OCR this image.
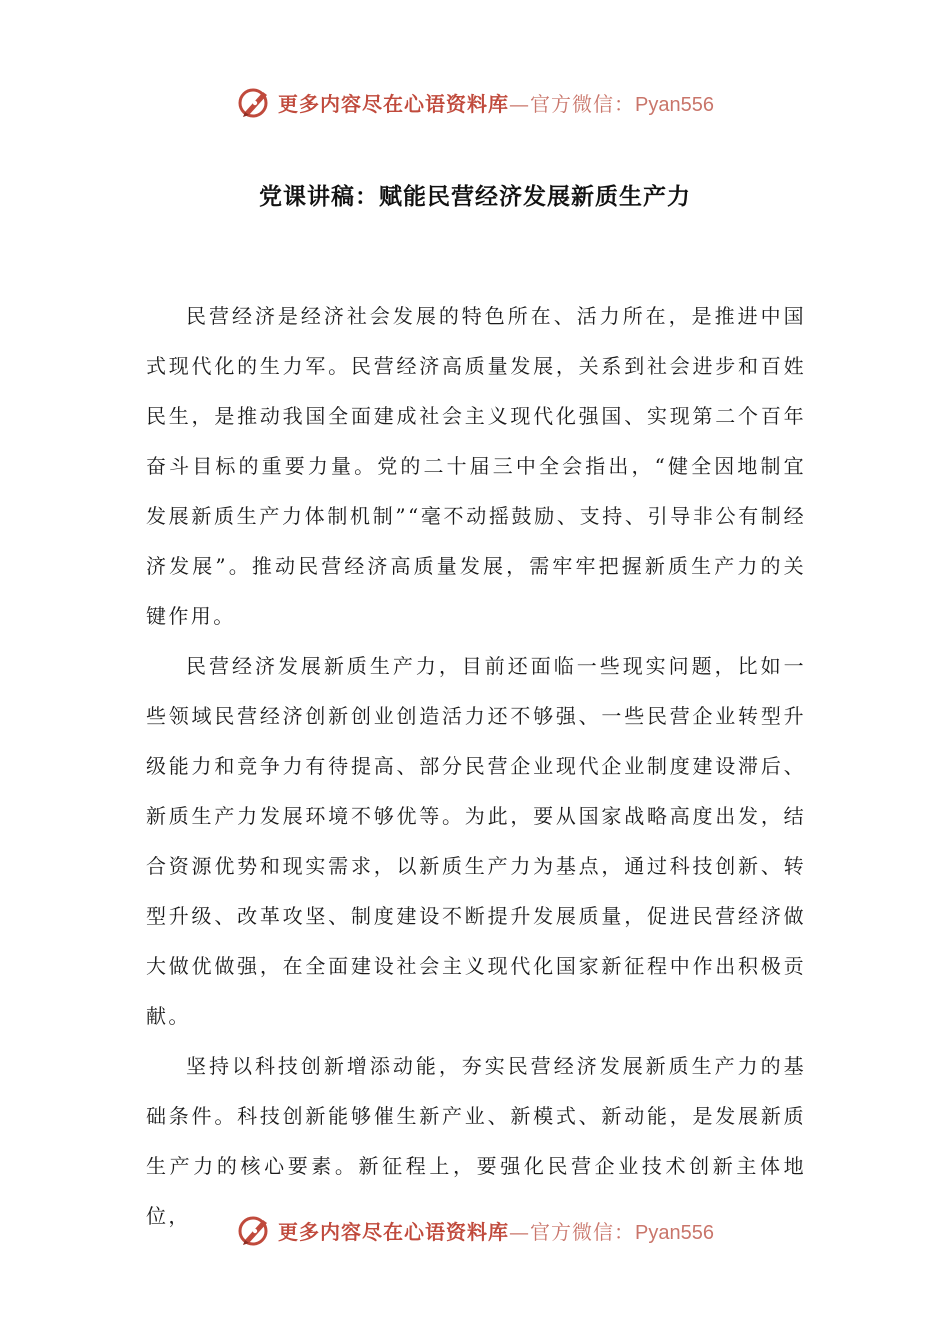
更多内容尽在心语资料库—官方微信：Pyan556
党课讲稿：赋能民营经济发展新质生产力

民营经济是经济社会发展的特色所在、活力所在，是推进中国式现代化的生力军。民营经济高质量发展，关系到社会进步和百姓民生，是推动我国全面建成社会主义现代化强国、实现第二个百年奋斗目标的重要力量。党的二十届三中全会指出，“健全因地制宜发展新质生产力体制机制”“毫不动摇鼓励、支持、引导非公有制经济发展”。推动民营经济高质量发展，需牢牢把握新质生产力的关键作用。

民营经济发展新质生产力，目前还面临一些现实问题，比如一些领域民营经济创新创业创造活力还不够强、一些民营企业转型升级能力和竞争力有待提高、部分民营企业现代企业制度建设滞后、新质生产力发展环境不够优等。为此，要从国家战略高度出发，结合资源优势和现实需求，以新质生产力为基点，通过科技创新、转型升级、改革攻坚、制度建设不断提升发展质量，促进民营经济做大做优做强，在全面建设社会主义现代化国家新征程中作出积极贡献。

坚持以科技创新增添动能，夯实民营经济发展新质生产力的基础条件。科技创新能够催生新产业、新模式、新动能，是发展新质生产力的核心要素。新征程上，要强化民营企业技术创新主体地位，

更多内容尽在心语资料库—官方微信：Pyan556
